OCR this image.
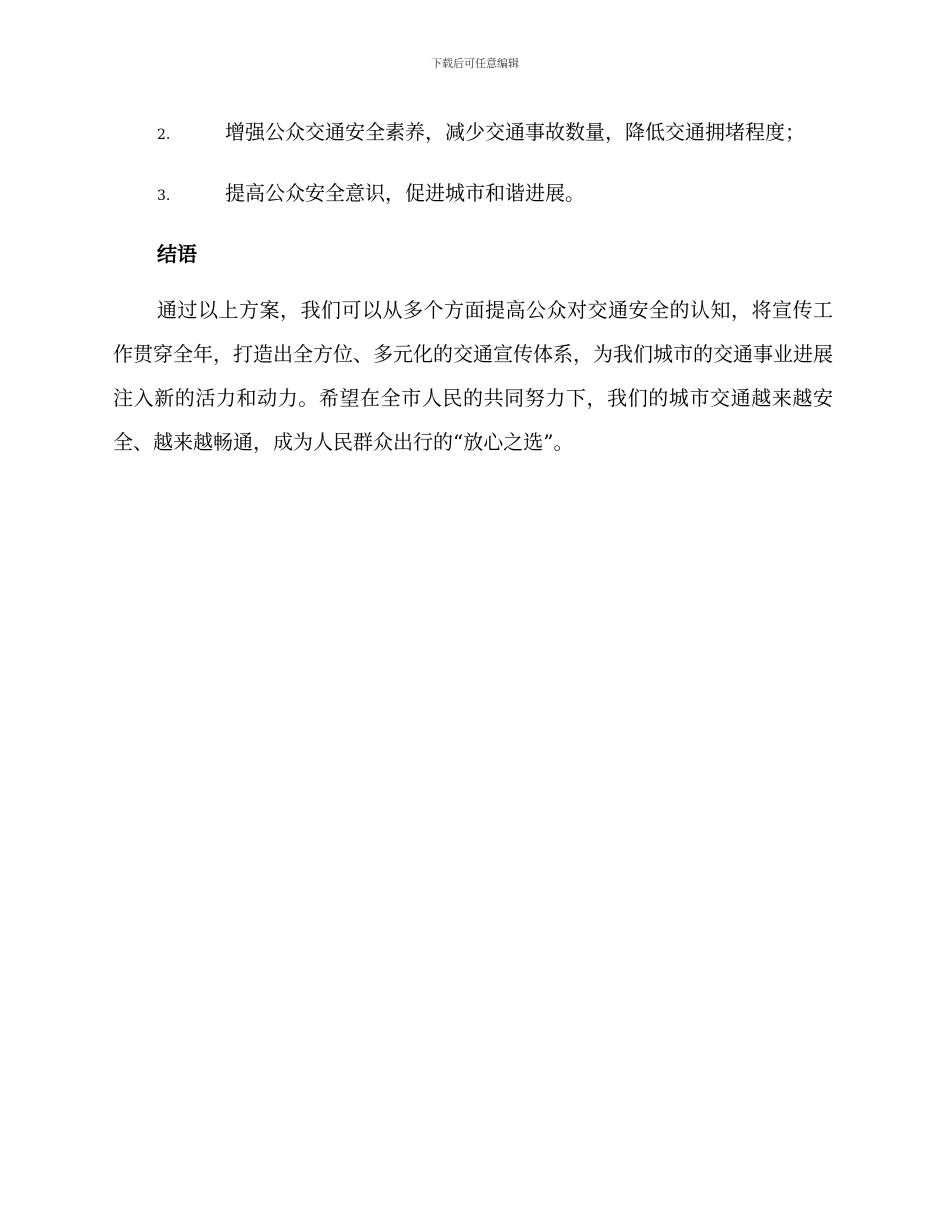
下载后可任意编辑

2.	增强公众交通安全素养，减少交通事故数量，降低交通拥堵程度；

3.	提高公众安全意识，促进城市和谐进展。

结语

通过以上方案，我们可以从多个方面提高公众对交通安全的认知，将宣传工作贯穿全年，打造出全方位、多元化的交通宣传体系，为我们城市的交通事业进展注入新的活力和动力。希望在全市人民的共同努力下，我们的城市交通越来越安全、越来越畅通，成为人民群众出行的“放心之选”。
